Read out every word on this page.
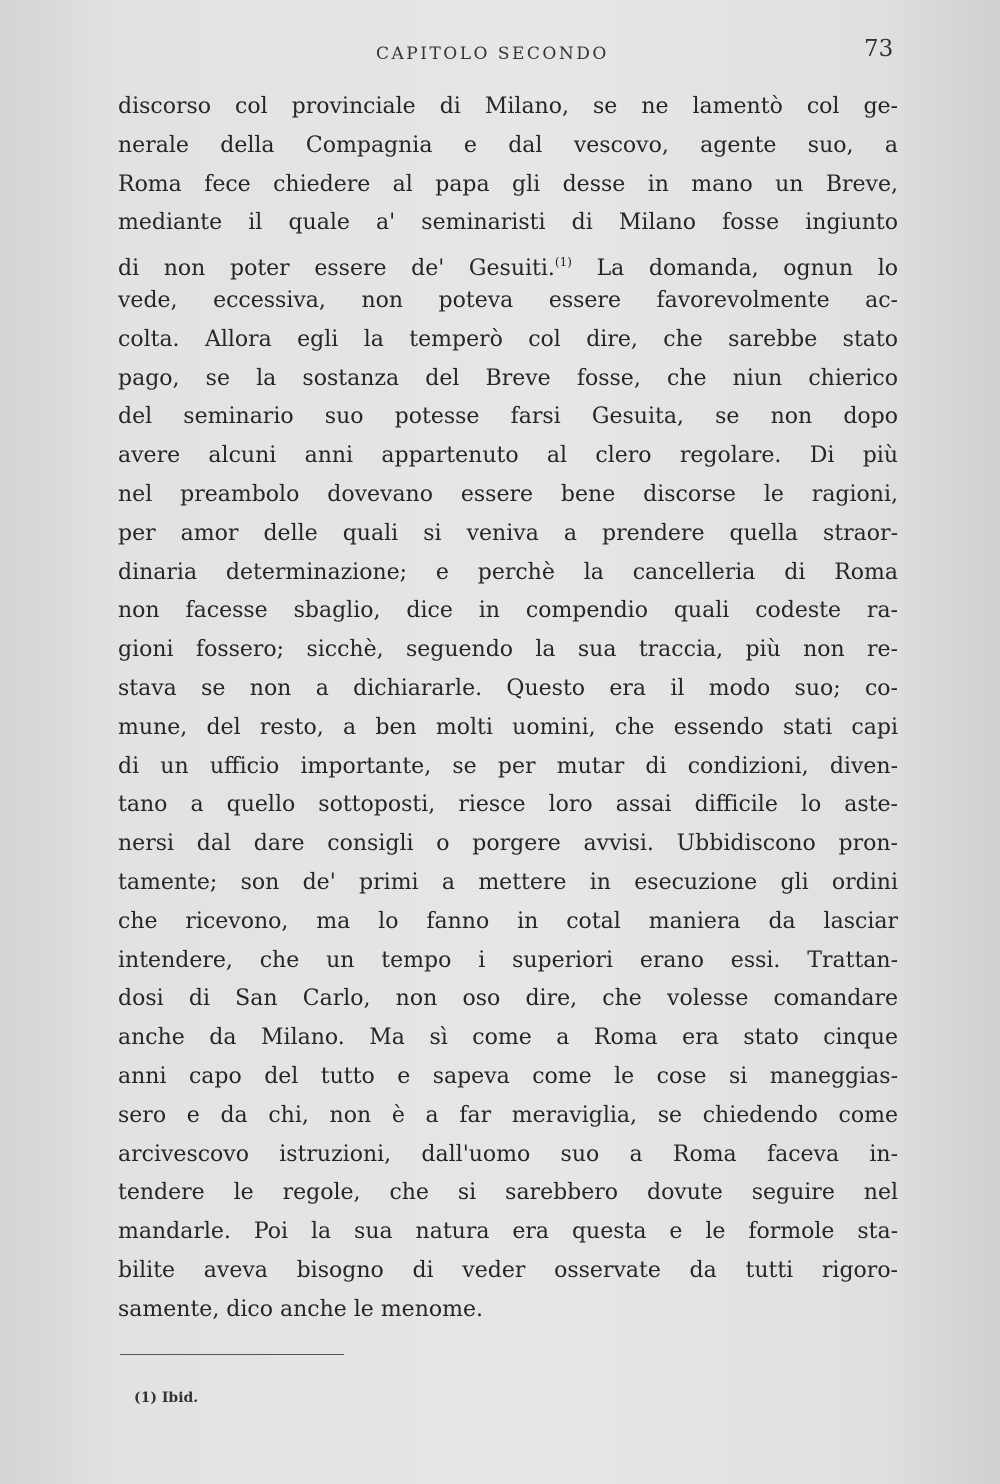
CAPITOLO SECONDO	73
discorso col provinciale di Milano, se ne lamentò col ge-
nerale della Compagnia e dal vescovo, agente suo, a
Roma fece chiedere al papa gli desse in mano un Breve,
mediante il quale a' seminaristi di Milano fosse ingiunto
di non poter essere de' Gesuiti.$^{(1)}$ La domanda, ognun lo
vede, eccessiva, non poteva essere favorevolmente ac-
colta. Allora egli la temperò col dire, che sarebbe stato
pago, se la sostanza del Breve fosse, che niun chierico
del seminario suo potesse farsi Gesuita, se non dopo
avere alcuni anni appartenuto al clero regolare. Di più
nel preambolo dovevano essere bene discorse le ragioni,
per amor delle quali si veniva a prendere quella straor-
dinaria determinazione; e perchè la cancelleria di Roma
non facesse sbaglio, dice in compendio quali codeste ra-
gioni fossero; sicchè, seguendo la sua traccia, più non re-
stava se non a dichiararle. Questo era il modo suo; co-
mune, del resto, a ben molti uomini, che essendo stati capi
di un ufficio importante, se per mutar di condizioni, diven-
tano a quello sottoposti, riesce loro assai difficile lo aste-
nersi dal dare consigli o porgere avvisi. Ubbidiscono pron-
tamente; son de' primi a mettere in esecuzione gli ordini
che ricevono, ma lo fanno in cotal maniera da lasciar
intendere, che un tempo i superiori erano essi. Trattan-
dosi di San Carlo, non oso dire, che volesse comandare
anche da Milano. Ma sì come a Roma era stato cinque
anni capo del tutto e sapeva come le cose si maneggias-
sero e da chi, non è a far meraviglia, se chiedendo come
arcivescovo istruzioni, dall'uomo suo a Roma faceva in-
tendere le regole, che si sarebbero dovute seguire nel
mandarle. Poi la sua natura era questa e le formole sta-
bilite aveva bisogno di veder osservate da tutti rigoro-
samente, dico anche le menome.
(1) Ibid.
